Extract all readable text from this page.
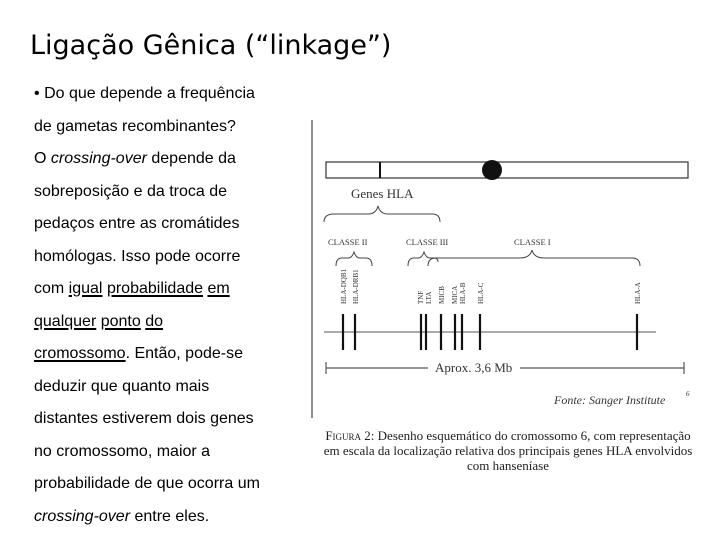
Ligação Gênica (“linkage”)
• Do que depende a frequência
de gametas recombinantes?
O crossing-over depende da
sobreposição e da troca de
pedaços entre as cromátides
homólogas. Isso pode ocorre
com igual probabilidade em
qualquer ponto do
cromossomo. Então, pode-se
deduzir que quanto mais
distantes estiverem dois genes
no cromossomo, maior a
probabilidade de que ocorra um
crossing-over entre eles.
Genes HLA
CLASSE II	CLASSE III	CLASSE I
HLA-DQB1 HLA-DRB1	TNF LTA MICB MICA HLA-B HLA-C	HLA-A
Aprox. 3,6 Mb
Fonte: Sanger Institute	6
Figura 2: Desenho esquemático do cromossomo 6, com representação em escala da localização relativa dos principais genes HLA envolvidos com hanseníase
